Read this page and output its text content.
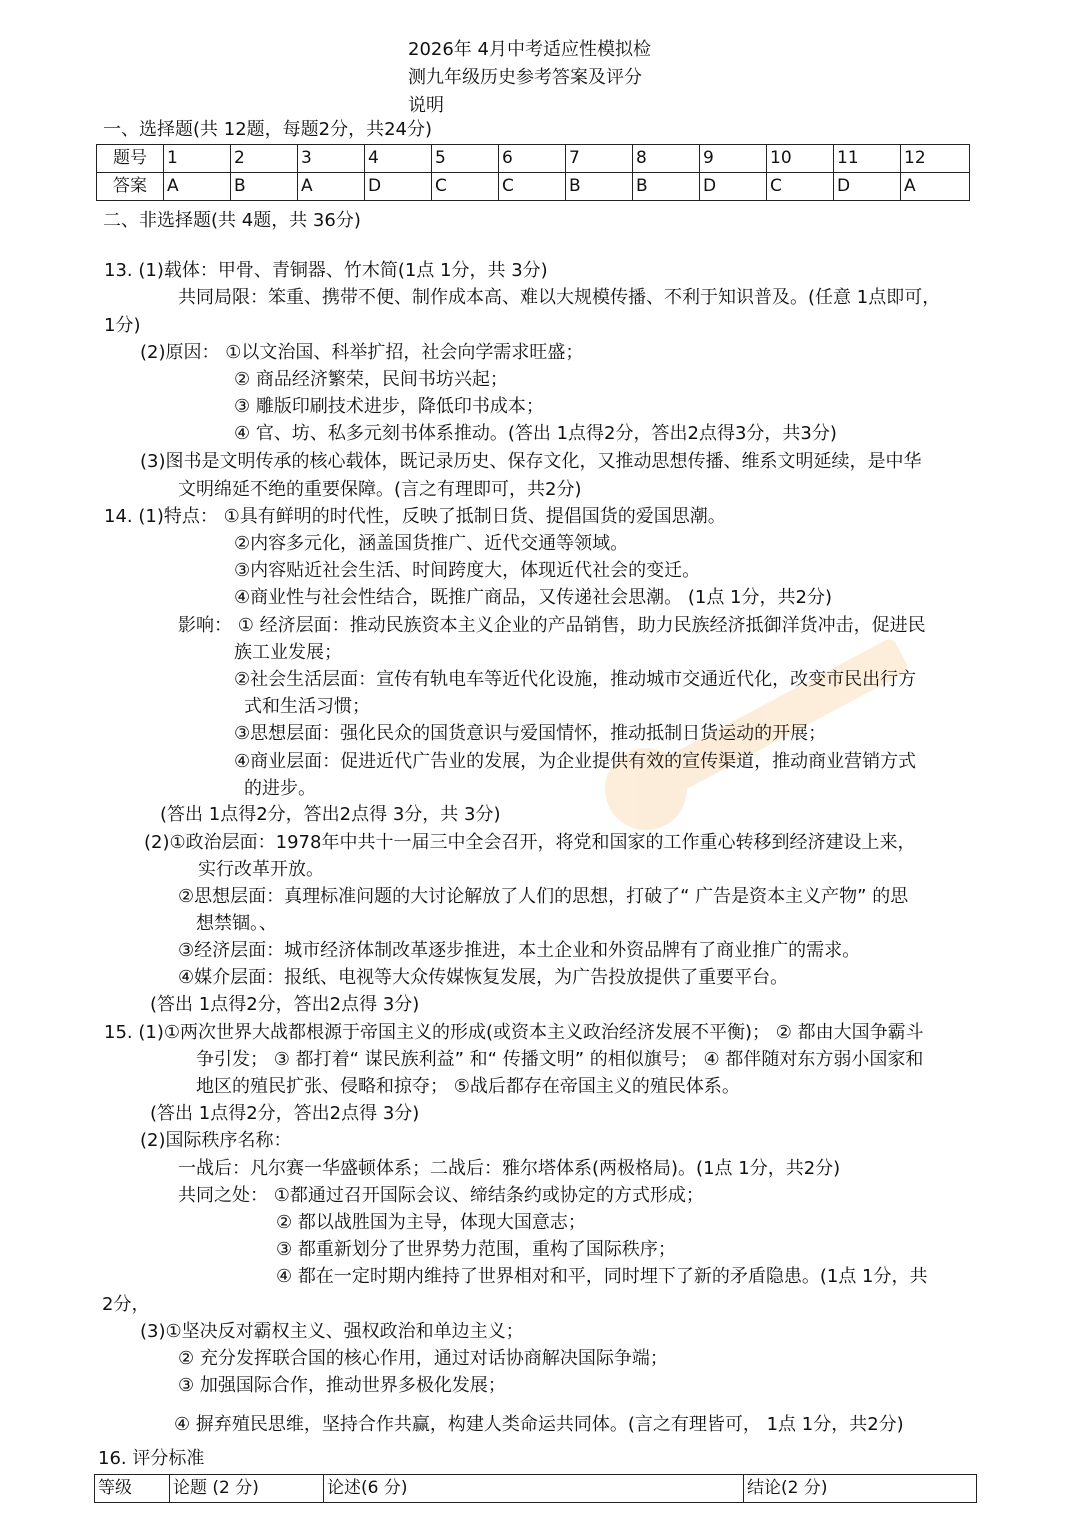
2026年 4月中考适应性模拟检
测九年级历史参考答案及评分
说明
一、选择题(共 12题，每题2分，共24分)
题号	1	2	3	4	5	6	7	8	9	10	11	12
答案	A	B	A	D	C	C	B	B	D	C	D	A
二、非选择题(共 4题，共 36分)
13. (1)载体：甲骨、青铜器、竹木简(1点 1分，共 3分)
共同局限：笨重、携带不便、制作成本高、难以大规模传播、不利于知识普及。(任意 1点即可，
1分)
(2)原因： ①以文治国、科举扩招，社会向学需求旺盛；
② 商品经济繁荣，民间书坊兴起；
③ 雕版印刷技术进步，降低印书成本；
④ 官、坊、私多元刻书体系推动。(答出 1点得2分，答出2点得3分，共3分)
(3)图书是文明传承的核心载体，既记录历史、保存文化，又推动思想传播、维系文明延续，是中华
文明绵延不绝的重要保障。(言之有理即可，共2分)
14. (1)特点： ①具有鲜明的时代性，反映了抵制日货、提倡国货的爱国思潮。
②内容多元化，涵盖国货推广、近代交通等领域。
③内容贴近社会生活、时间跨度大，体现近代社会的变迁。
④商业性与社会性结合，既推广商品，又传递社会思潮。 (1点 1分，共2分)
影响： ① 经济层面：推动民族资本主义企业的产品销售，助力民族经济抵御洋货冲击，促进民
族工业发展；
②社会生活层面：宣传有轨电车等近代化设施，推动城市交通近代化，改变市民出行方
式和生活习惯；
③思想层面：强化民众的国货意识与爱国情怀，推动抵制日货运动的开展；
④商业层面：促进近代广告业的发展，为企业提供有效的宣传渠道，推动商业营销方式
的进步。
(答出 1点得2分，答出2点得 3分，共 3分)
(2)①政治层面：1978年中共十一届三中全会召开，将党和国家的工作重心转移到经济建设上来，
实行改革开放。
②思想层面：真理标准问题的大讨论解放了人们的思想，打破了“ 广告是资本主义产物” 的思
想禁锢。、
③经济层面：城市经济体制改革逐步推进，本土企业和外资品牌有了商业推广的需求。
④媒介层面：报纸、电视等大众传媒恢复发展，为广告投放提供了重要平台。
(答出 1点得2分，答出2点得 3分)
15. (1)①两次世界大战都根源于帝国主义的形成(或资本主义政治经济发展不平衡)； ② 都由大国争霸斗
争引发； ③ 都打着“ 谋民族利益” 和“ 传播文明” 的相似旗号； ④ 都伴随对东方弱小国家和
地区的殖民扩张、侵略和掠夺； ⑤战后都存在帝国主义的殖民体系。
(答出 1点得2分，答出2点得 3分)
(2)国际秩序名称：
一战后：凡尔赛一华盛顿体系；二战后：雅尔塔体系(两极格局)。(1点 1分，共2分)
共同之处： ①都通过召开国际会议、缔结条约或协定的方式形成；
② 都以战胜国为主导，体现大国意志；
③ 都重新划分了世界势力范围，重构了国际秩序；
④ 都在一定时期内维持了世界相对和平，同时埋下了新的矛盾隐患。(1点 1分，共
2分，
(3)①坚决反对霸权主义、强权政治和单边主义；
② 充分发挥联合国的核心作用，通过对话协商解决国际争端；
③ 加强国际合作，推动世界多极化发展；
④ 摒弃殖民思维，坚持合作共赢，构建人类命运共同体。(言之有理皆可， 1点 1分，共2分)
16. 评分标准
等级	论题 (2 分)	论述(6 分)	结论(2 分)
